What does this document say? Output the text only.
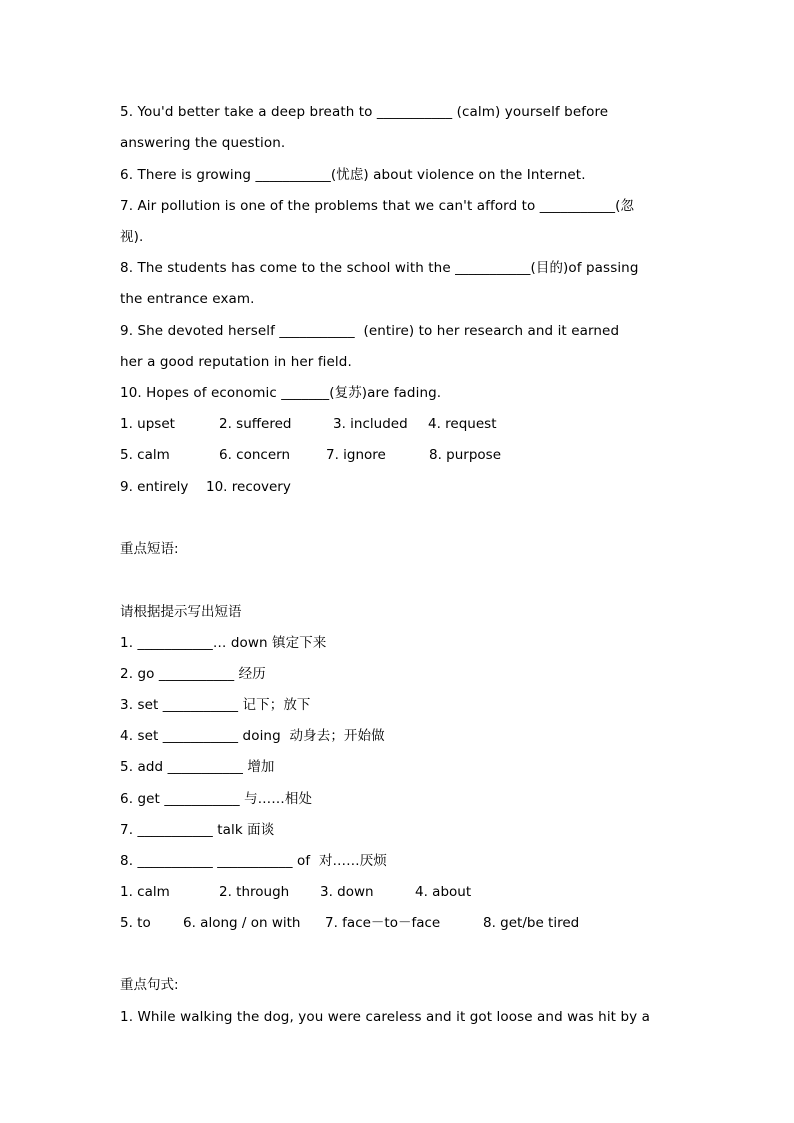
5. You'd better take a deep breath to ___________ (calm) yourself before
answering the question.
6. There is growing ___________(忧虑) about violence on the Internet.
7. Air pollution is one of the problems that we can't afford to ___________(忽
视).
8. The students has come to the school with the ___________(目的)of passing
the entrance exam.
9. She devoted herself ___________  (entire) to her research and it earned
her a good reputation in her field.
10. Hopes of economic _______(复苏)are fading.
1. upset	2. suffered	3. included 4. request
5. calm	6. concern	7. ignore	8. purpose
9. entirely 10. recovery
重点短语:
请根据提示写出短语
1. ___________… down 镇定下来
2. go ___________ 经历
3. set ___________ 记下；放下
4. set ___________ doing  动身去；开始做
5. add ___________ 增加
6. get ___________ 与……相处
7. ___________ talk 面谈
8. ___________ ___________ of  对……厌烦
1. calm	2. through 3. down	4. about
5. to 6. along / on with 7. face－to－face	8. get/be tired
重点句式:
1. While walking the dog, you were careless and it got loose and was hit by a
